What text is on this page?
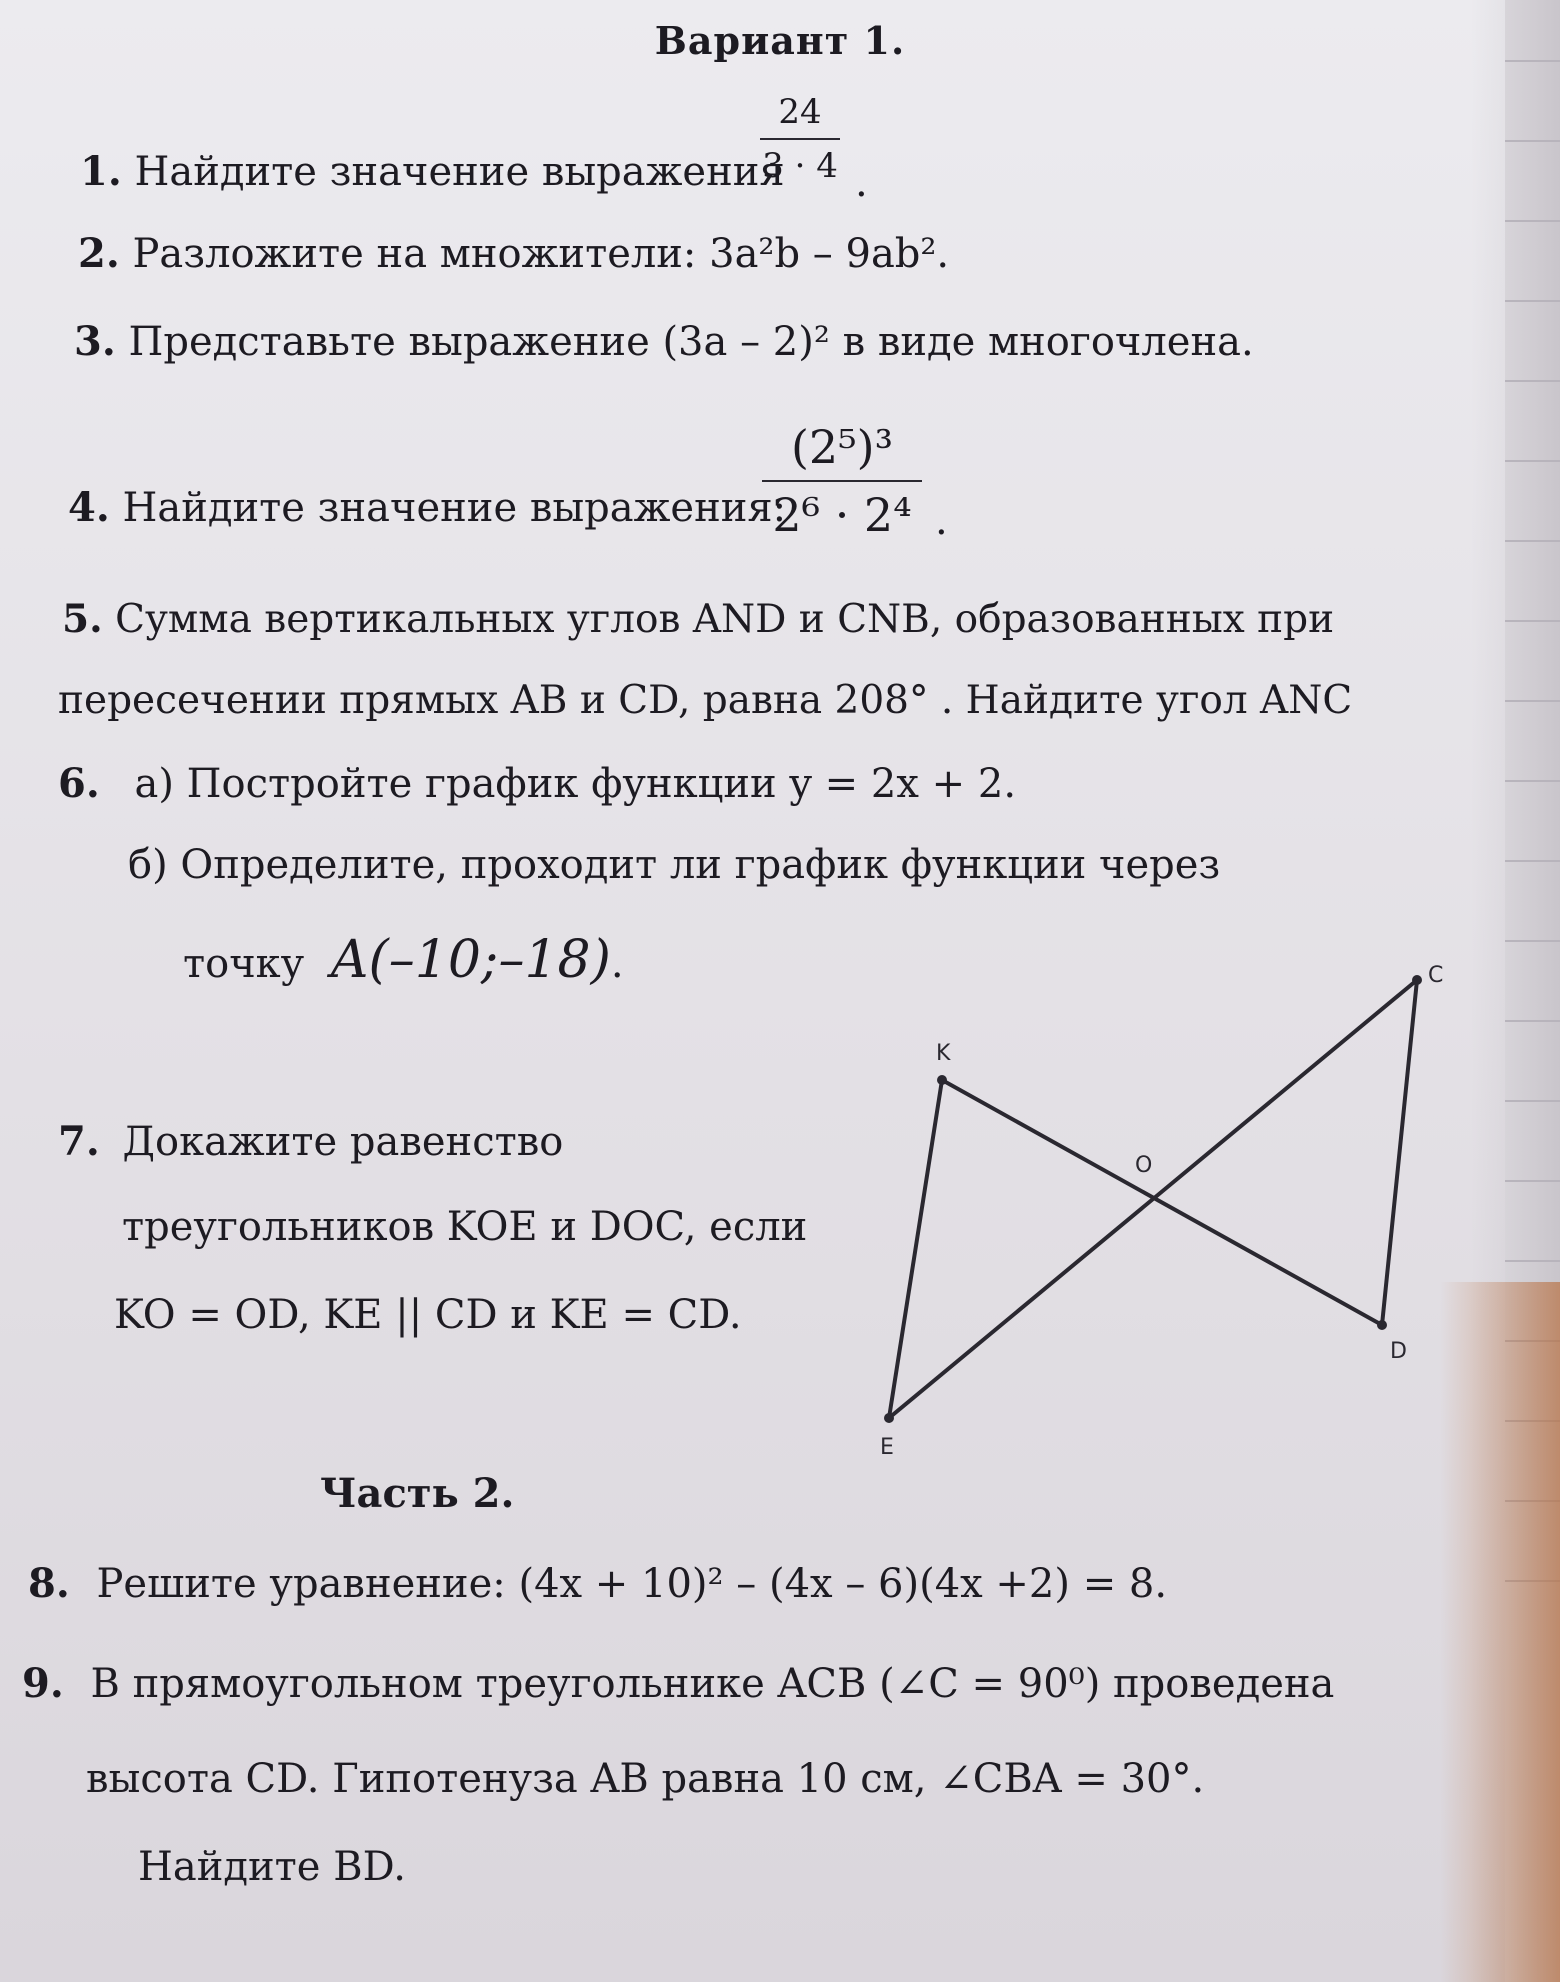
Вариант 1.
1. Найдите значение выражения
24
3 · 4 .
2. Разложите на множители: 3a²b – 9ab².
3. Представьте выражение (3a – 2)² в виде многочлена.
4. Найдите значение выражения:
(2⁵)³
2⁶ · 2⁴ .
5. Сумма вертикальных углов AND и CNB, образованных при
пересечении прямых AB и CD, равна 208° . Найдите угол ANC
6. а) Постройте график функции y = 2x + 2.
б) Определите, проходит ли график функции через
точку A(–10;–18).
7. Докажите равенство
треугольников KOE и DOC, если
KO = OD, KE || CD и KE = CD.
K
O
C
D
E
Часть 2.
8. Решите уравнение: (4x + 10)² – (4x – 6)(4x +2) = 8.
9. В прямоугольном треугольнике ACB (∠C = 90⁰) проведена
высота CD. Гипотенуза AB равна 10 см, ∠CBA = 30°.
Найдите BD.
